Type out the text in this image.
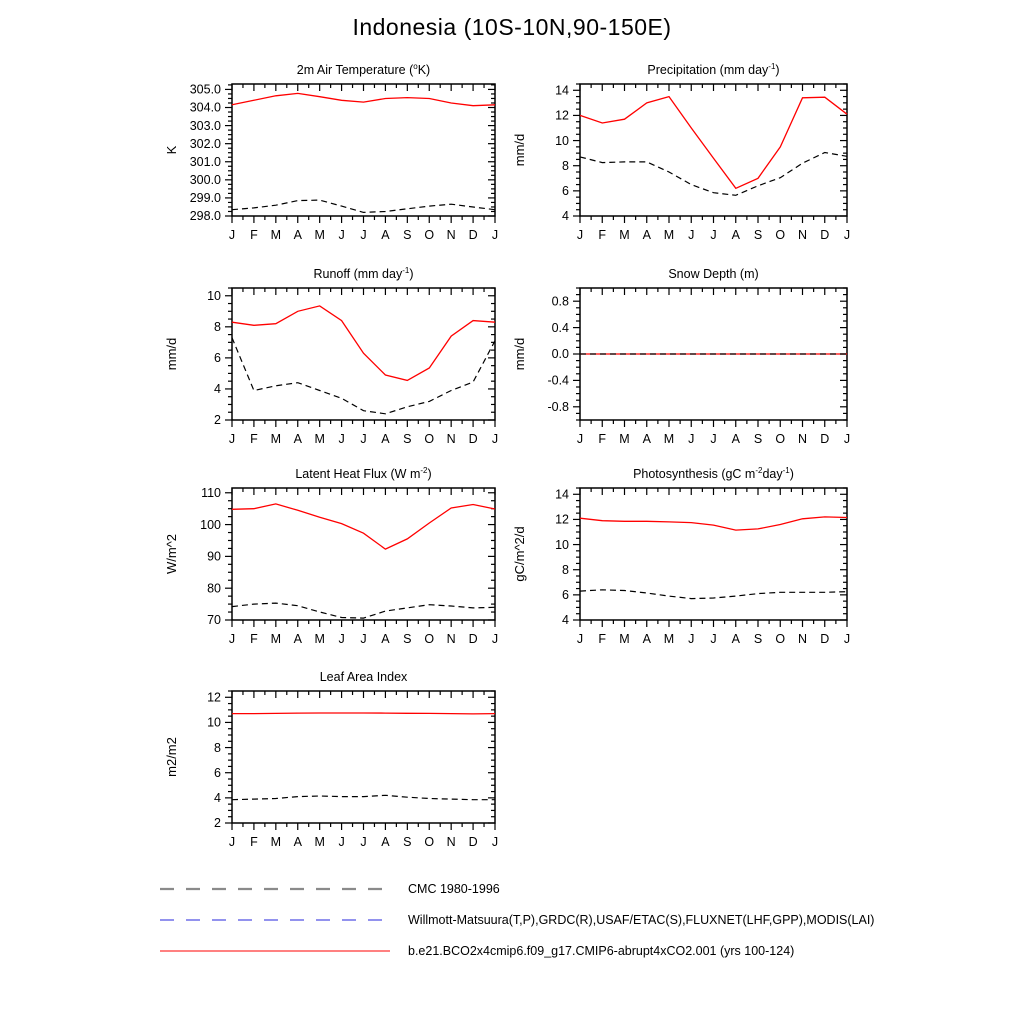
Indonesia (10S-10N,90-150E)
2m Air Temperature ($^o$K)
298.0
299.0
300.0
301.0
302.0
303.0
304.0
305.0
J F M A M J J A S O N D J
K
Precipitation (mm day$^{-1}$)
4
6
8
10
12
14
J F M A M J J A S O N D J
mm/d
Runoff (mm day$^{-1}$)
2
4
6
8
10
J F M A M J J A S O N D J
mm/d
Snow Depth (m)
-0.8
-0.4
0.0
0.4
0.8
J F M A M J J A S O N D J
mm/d
Latent Heat Flux (W $m^{-2}$)
70
80
90
100
110
J F M A M J J A S O N D J
W/m^2
Photosynthesis (gC $m^{-2}day^{-1}$)
4
6
8
10
12
14
J F M A M J J A S O N D J
gC/m^2/d
Leaf Area Index
2
4
6
8
10
12
J F M A M J J A S O N D J
m2/m2
CMC 1980-1996
Willmott-Matsuura(T,P),GRDC(R),USAF/ETAC(S),FLUXNET(LHF,GPP),MODIS(LAI)
b.e21.BCO2x4cmip6.f09_g17.CMIP6-abrupt4xCO2.001 (yrs 100-124)
